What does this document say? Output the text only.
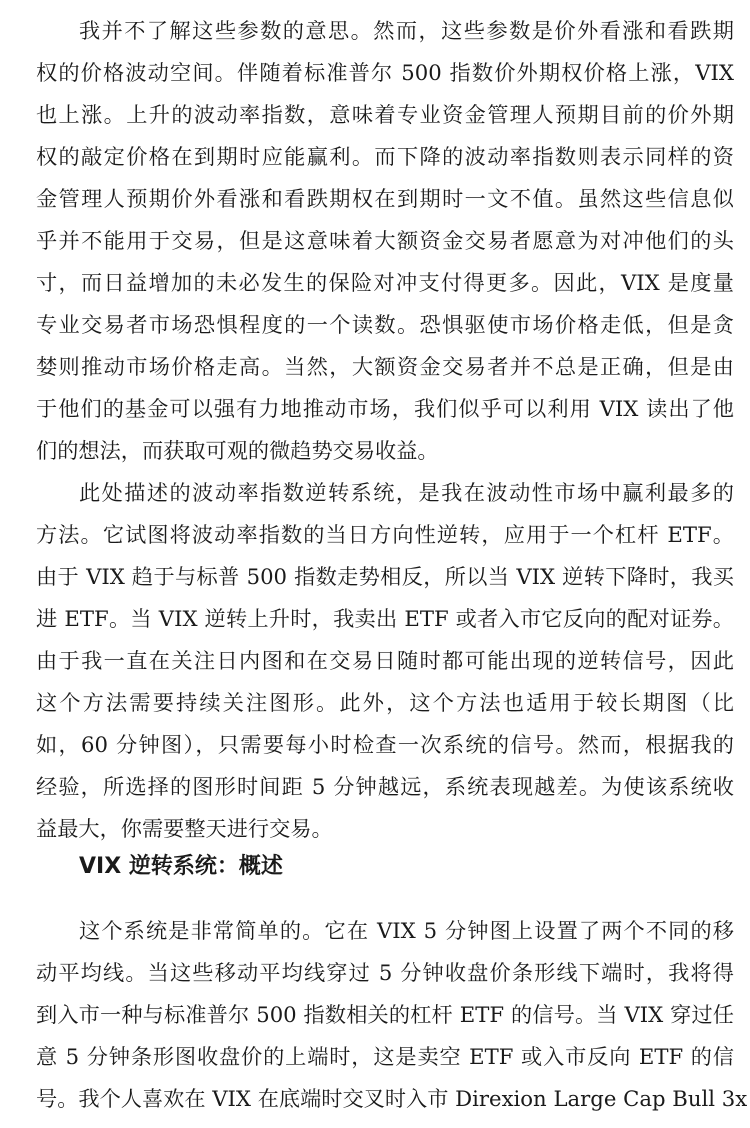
我并不了解这些参数的意思。然而，这些参数是价外看涨和看跌期
权的价格波动空间。伴随着标准普尔 500 指数价外期权价格上涨，VIX
也上涨。上升的波动率指数，意味着专业资金管理人预期目前的价外期
权的敲定价格在到期时应能赢利。而下降的波动率指数则表示同样的资
金管理人预期价外看涨和看跌期权在到期时一文不值。虽然这些信息似
乎并不能用于交易，但是这意味着大额资金交易者愿意为对冲他们的头
寸，而日益增加的未必发生的保险对冲支付得更多。因此，VIX 是度量
专业交易者市场恐惧程度的一个读数。恐惧驱使市场价格走低，但是贪
婪则推动市场价格走高。当然，大额资金交易者并不总是正确，但是由
于他们的基金可以强有力地推动市场，我们似乎可以利用 VIX 读出了他
们的想法，而获取可观的微趋势交易收益。
此处描述的波动率指数逆转系统，是我在波动性市场中赢利最多的
方法。它试图将波动率指数的当日方向性逆转，应用于一个杠杆 ETF。
由于 VIX 趋于与标普 500 指数走势相反，所以当 VIX 逆转下降时，我买
进 ETF。当 VIX 逆转上升时，我卖出 ETF 或者入市它反向的配对证券。
由于我一直在关注日内图和在交易日随时都可能出现的逆转信号，因此
这个方法需要持续关注图形。此外，这个方法也适用于较长期图（比
如，60 分钟图），只需要每小时检查一次系统的信号。然而，根据我的
经验，所选择的图形时间距 5 分钟越远，系统表现越差。为使该系统收
益最大，你需要整天进行交易。
VIX 逆转系统：概述
这个系统是非常简单的。它在 VIX 5 分钟图上设置了两个不同的移
动平均线。当这些移动平均线穿过 5 分钟收盘价条形线下端时，我将得
到入市一种与标准普尔 500 指数相关的杠杆 ETF 的信号。当 VIX 穿过任
意 5 分钟条形图收盘价的上端时，这是卖空 ETF 或入市反向 ETF 的信
号。我个人喜欢在 VIX 在底端时交叉时入市 Direxion Large Cap Bull 3x
